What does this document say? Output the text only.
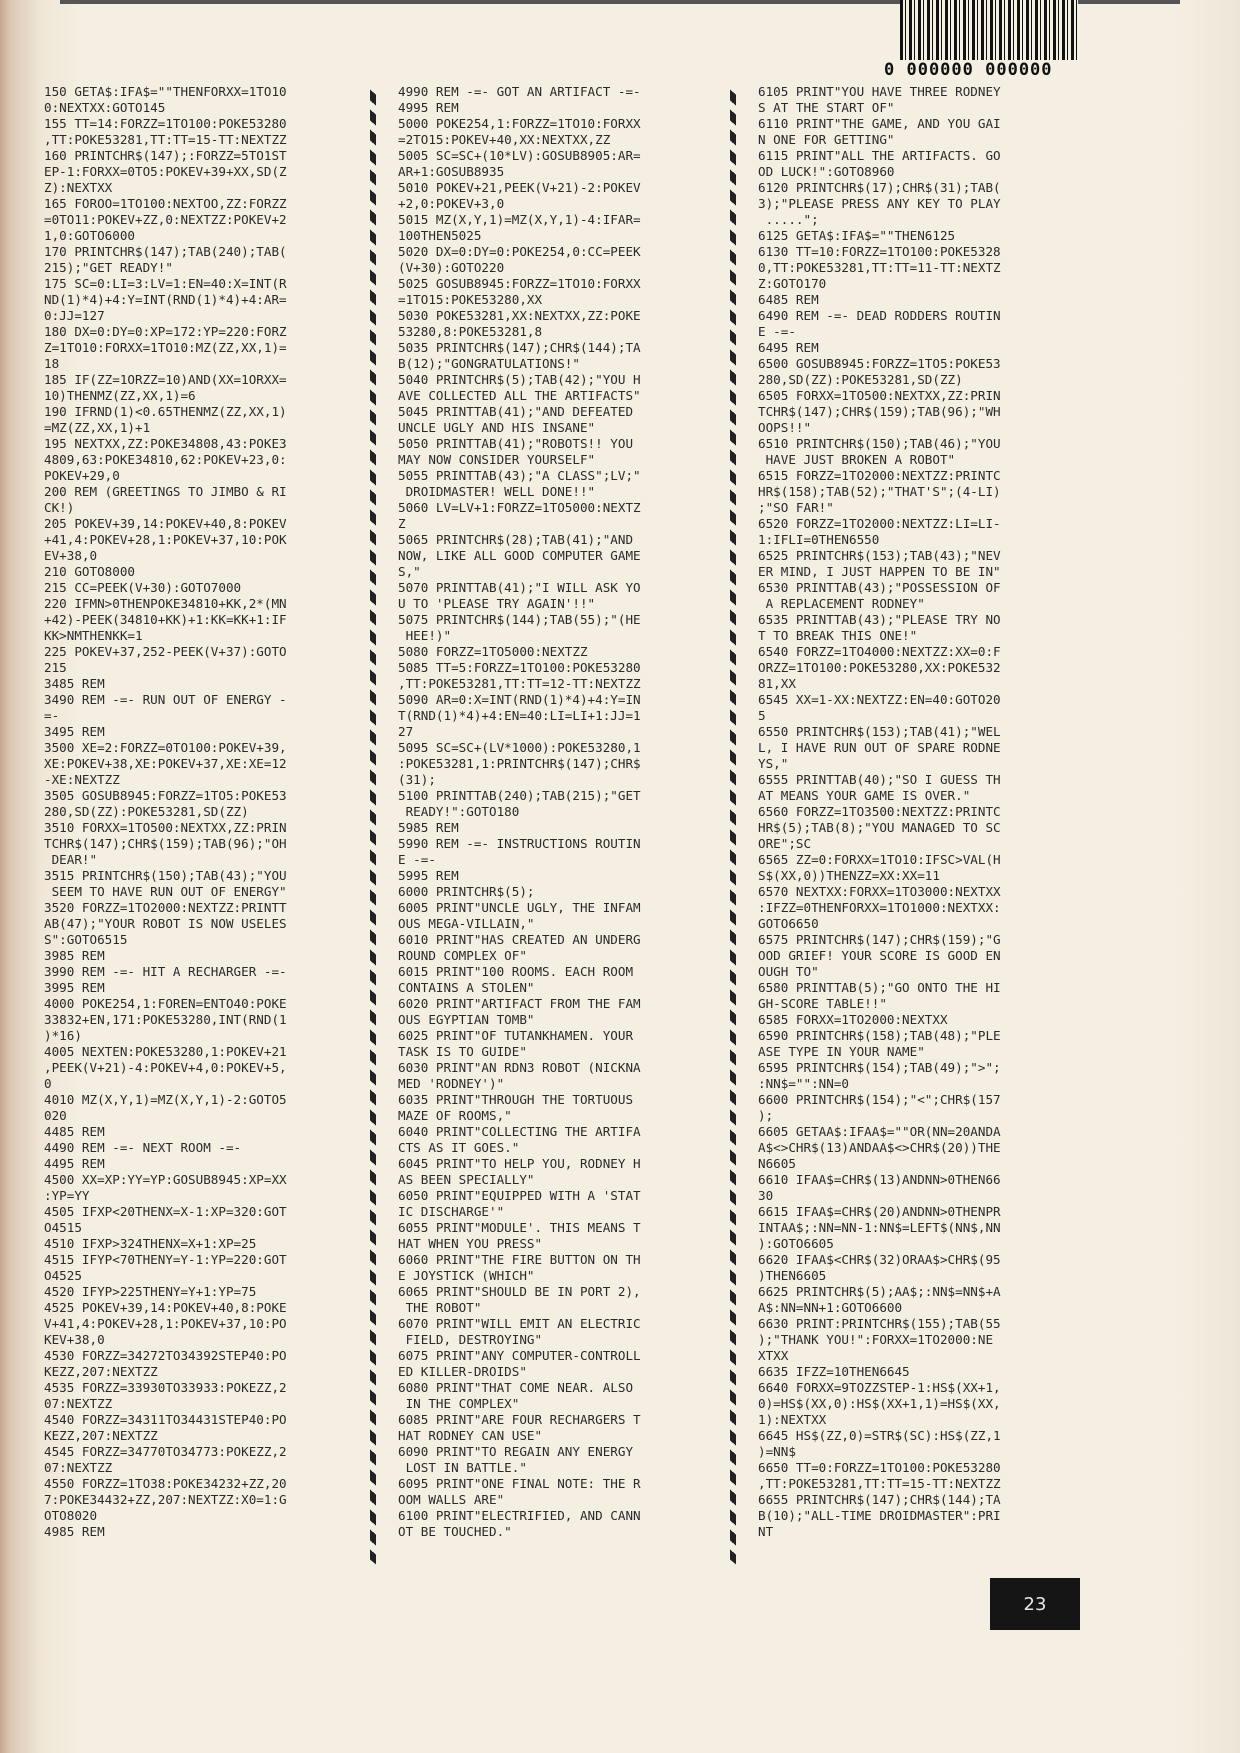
0 000000 000000
150 GETA$:IFA$=""THENFORXX=1TO10
0:NEXTXX:GOTO145
155 TT=14:FORZZ=1TO100:POKE53280
,TT:POKE53281,TT:TT=15-TT:NEXTZZ
160 PRINTCHR$(147);:FORZZ=5TO1ST
EP-1:FORXX=0TO5:POKEV+39+XX,SD(Z
Z):NEXTXX
165 FOROO=1TO100:NEXTOO,ZZ:FORZZ
=0TO11:POKEV+ZZ,0:NEXTZZ:POKEV+2
1,0:GOTO6000
170 PRINTCHR$(147);TAB(240);TAB(
215);"GET READY!"
175 SC=0:LI=3:LV=1:EN=40:X=INT(R
ND(1)*4)+4:Y=INT(RND(1)*4)+4:AR=
0:JJ=127
180 DX=0:DY=0:XP=172:YP=220:FORZ
Z=1TO10:FORXX=1TO10:MZ(ZZ,XX,1)=
18
185 IF(ZZ=1ORZZ=10)AND(XX=1ORXX=
10)THENMZ(ZZ,XX,1)=6
190 IFRND(1)<0.65THENMZ(ZZ,XX,1)
=MZ(ZZ,XX,1)+1
195 NEXTXX,ZZ:POKE34808,43:POKE3
4809,63:POKE34810,62:POKEV+23,0:
POKEV+29,0
200 REM (GREETINGS TO JIMBO & RI
CK!)
205 POKEV+39,14:POKEV+40,8:POKEV
+41,4:POKEV+28,1:POKEV+37,10:POK
EV+38,0
210 GOTO8000
215 CC=PEEK(V+30):GOTO7000
220 IFMN>0THENPOKE34810+KK,2*(MN
+42)-PEEK(34810+KK)+1:KK=KK+1:IF
KK>NMTHENKK=1
225 POKEV+37,252-PEEK(V+37):GOTO
215
3485 REM
3490 REM -=- RUN OUT OF ENERGY -
=-
3495 REM
3500 XE=2:FORZZ=0TO100:POKEV+39,
XE:POKEV+38,XE:POKEV+37,XE:XE=12
-XE:NEXTZZ
3505 GOSUB8945:FORZZ=1TO5:POKE53
280,SD(ZZ):POKE53281,SD(ZZ)
3510 FORXX=1TO500:NEXTXX,ZZ:PRIN
TCHR$(147);CHR$(159);TAB(96);"OH
DEAR!"
3515 PRINTCHR$(150);TAB(43);"YOU
SEEM TO HAVE RUN OUT OF ENERGY"
3520 FORZZ=1TO2000:NEXTZZ:PRINTT
AB(47);"YOUR ROBOT IS NOW USELES
S":GOTO6515
3985 REM
3990 REM -=- HIT A RECHARGER -=-
3995 REM
4000 POKE254,1:FOREN=ENTO40:POKE
33832+EN,171:POKE53280,INT(RND(1
)*16)
4005 NEXTEN:POKE53280,1:POKEV+21
,PEEK(V+21)-4:POKEV+4,0:POKEV+5,
0
4010 MZ(X,Y,1)=MZ(X,Y,1)-2:GOTO5
020
4485 REM
4490 REM -=- NEXT ROOM -=-
4495 REM
4500 XX=XP:YY=YP:GOSUB8945:XP=XX
:YP=YY
4505 IFXP<20THENX=X-1:XP=320:GOT
O4515
4510 IFXP>324THENX=X+1:XP=25
4515 IFYP<70THENY=Y-1:YP=220:GOT
O4525
4520 IFYP>225THENY=Y+1:YP=75
4525 POKEV+39,14:POKEV+40,8:POKE
V+41,4:POKEV+28,1:POKEV+37,10:PO
KEV+38,0
4530 FORZZ=34272TO34392STEP40:PO
KEZZ,207:NEXTZZ
4535 FORZZ=33930TO33933:POKEZZ,2
07:NEXTZZ
4540 FORZZ=34311TO34431STEP40:PO
KEZZ,207:NEXTZZ
4545 FORZZ=34770TO34773:POKEZZ,2
07:NEXTZZ
4550 FORZZ=1TO38:POKE34232+ZZ,20
7:POKE34432+ZZ,207:NEXTZZ:X0=1:G
OTO8020
4985 REM
4990 REM -=- GOT AN ARTIFACT -=-
4995 REM
5000 POKE254,1:FORZZ=1TO10:FORXX
=2TO15:POKEV+40,XX:NEXTXX,ZZ
5005 SC=SC+(10*LV):GOSUB8905:AR=
AR+1:GOSUB8935
5010 POKEV+21,PEEK(V+21)-2:POKEV
+2,0:POKEV+3,0
5015 MZ(X,Y,1)=MZ(X,Y,1)-4:IFAR=
100THEN5025
5020 DX=0:DY=0:POKE254,0:CC=PEEK
(V+30):GOTO220
5025 GOSUB8945:FORZZ=1TO10:FORXX
=1TO15:POKE53280,XX
5030 POKE53281,XX:NEXTXX,ZZ:POKE
53280,8:POKE53281,8
5035 PRINTCHR$(147);CHR$(144);TA
B(12);"GONGRATULATIONS!"
5040 PRINTCHR$(5);TAB(42);"YOU H
AVE COLLECTED ALL THE ARTIFACTS"
5045 PRINTTAB(41);"AND DEFEATED
UNCLE UGLY AND HIS INSANE"
5050 PRINTTAB(41);"ROBOTS!! YOU
MAY NOW CONSIDER YOURSELF"
5055 PRINTTAB(43);"A CLASS";LV;"
DROIDMASTER! WELL DONE!!"
5060 LV=LV+1:FORZZ=1TO5000:NEXTZ
Z
5065 PRINTCHR$(28);TAB(41);"AND
NOW, LIKE ALL GOOD COMPUTER GAME
S,"
5070 PRINTTAB(41);"I WILL ASK YO
U TO 'PLEASE TRY AGAIN'!!"
5075 PRINTCHR$(144);TAB(55);"(HE
HEE!)"
5080 FORZZ=1TO5000:NEXTZZ
5085 TT=5:FORZZ=1TO100:POKE53280
,TT:POKE53281,TT:TT=12-TT:NEXTZZ
5090 AR=0:X=INT(RND(1)*4)+4:Y=IN
T(RND(1)*4)+4:EN=40:LI=LI+1:JJ=1
27
5095 SC=SC+(LV*1000):POKE53280,1
:POKE53281,1:PRINTCHR$(147);CHR$
(31);
5100 PRINTTAB(240);TAB(215);"GET
READY!":GOTO180
5985 REM
5990 REM -=- INSTRUCTIONS ROUTIN
E -=-
5995 REM
6000 PRINTCHR$(5);
6005 PRINT"UNCLE UGLY, THE INFAM
OUS MEGA-VILLAIN,"
6010 PRINT"HAS CREATED AN UNDERG
ROUND COMPLEX OF"
6015 PRINT"100 ROOMS. EACH ROOM
CONTAINS A STOLEN"
6020 PRINT"ARTIFACT FROM THE FAM
OUS EGYPTIAN TOMB"
6025 PRINT"OF TUTANKHAMEN. YOUR
TASK IS TO GUIDE"
6030 PRINT"AN RDN3 ROBOT (NICKNA
MED 'RODNEY')"
6035 PRINT"THROUGH THE TORTUOUS
MAZE OF ROOMS,"
6040 PRINT"COLLECTING THE ARTIFA
CTS AS IT GOES."
6045 PRINT"TO HELP YOU, RODNEY H
AS BEEN SPECIALLY"
6050 PRINT"EQUIPPED WITH A 'STAT
IC DISCHARGE'"
6055 PRINT"MODULE'. THIS MEANS T
HAT WHEN YOU PRESS"
6060 PRINT"THE FIRE BUTTON ON TH
E JOYSTICK (WHICH"
6065 PRINT"SHOULD BE IN PORT 2),
THE ROBOT"
6070 PRINT"WILL EMIT AN ELECTRIC
FIELD, DESTROYING"
6075 PRINT"ANY COMPUTER-CONTROLL
ED KILLER-DROIDS"
6080 PRINT"THAT COME NEAR. ALSO
IN THE COMPLEX"
6085 PRINT"ARE FOUR RECHARGERS T
HAT RODNEY CAN USE"
6090 PRINT"TO REGAIN ANY ENERGY
LOST IN BATTLE."
6095 PRINT"ONE FINAL NOTE: THE R
OOM WALLS ARE"
6100 PRINT"ELECTRIFIED, AND CANN
OT BE TOUCHED."
6105 PRINT"YOU HAVE THREE RODNEY
S AT THE START OF"
6110 PRINT"THE GAME, AND YOU GAI
N ONE FOR GETTING"
6115 PRINT"ALL THE ARTIFACTS. GO
OD LUCK!":GOTO8960
6120 PRINTCHR$(17);CHR$(31);TAB(
3);"PLEASE PRESS ANY KEY TO PLAY
.....";
6125 GETA$:IFA$=""THEN6125
6130 TT=10:FORZZ=1TO100:POKE5328
0,TT:POKE53281,TT:TT=11-TT:NEXTZ
Z:GOTO170
6485 REM
6490 REM -=- DEAD RODDERS ROUTIN
E -=-
6495 REM
6500 GOSUB8945:FORZZ=1TO5:POKE53
280,SD(ZZ):POKE53281,SD(ZZ)
6505 FORXX=1TO500:NEXTXX,ZZ:PRIN
TCHR$(147);CHR$(159);TAB(96);"WH
OOPS!!"
6510 PRINTCHR$(150);TAB(46);"YOU
HAVE JUST BROKEN A ROBOT"
6515 FORZZ=1TO2000:NEXTZZ:PRINTC
HR$(158);TAB(52);"THAT'S";(4-LI)
;"SO FAR!"
6520 FORZZ=1TO2000:NEXTZZ:LI=LI-
1:IFLI=0THEN6550
6525 PRINTCHR$(153);TAB(43);"NEV
ER MIND, I JUST HAPPEN TO BE IN"
6530 PRINTTAB(43);"POSSESSION OF
A REPLACEMENT RODNEY"
6535 PRINTTAB(43);"PLEASE TRY NO
T TO BREAK THIS ONE!"
6540 FORZZ=1TO4000:NEXTZZ:XX=0:F
ORZZ=1TO100:POKE53280,XX:POKE532
81,XX
6545 XX=1-XX:NEXTZZ:EN=40:GOTO20
5
6550 PRINTCHR$(153);TAB(41);"WEL
L, I HAVE RUN OUT OF SPARE RODNE
YS,"
6555 PRINTTAB(40);"SO I GUESS TH
AT MEANS YOUR GAME IS OVER."
6560 FORZZ=1TO3500:NEXTZZ:PRINTC
HR$(5);TAB(8);"YOU MANAGED TO SC
ORE";SC
6565 ZZ=0:FORXX=1TO10:IFSC>VAL(H
S$(XX,0))THENZZ=XX:XX=11
6570 NEXTXX:FORXX=1TO3000:NEXTXX
:IFZZ=0THENFORXX=1TO1000:NEXTXX:
GOTO6650
6575 PRINTCHR$(147);CHR$(159);"G
OOD GRIEF! YOUR SCORE IS GOOD EN
OUGH TO"
6580 PRINTTAB(5);"GO ONTO THE HI
GH-SCORE TABLE!!"
6585 FORXX=1TO2000:NEXTXX
6590 PRINTCHR$(158);TAB(48);"PLE
ASE TYPE IN YOUR NAME"
6595 PRINTCHR$(154);TAB(49);">";
:NN$="":NN=0
6600 PRINTCHR$(154);"<";CHR$(157
);
6605 GETAA$:IFAA$=""OR(NN=20ANDA
A$<>CHR$(13)ANDAA$<>CHR$(20))THE
N6605
6610 IFAA$=CHR$(13)ANDNN>0THEN66
30
6615 IFAA$=CHR$(20)ANDNN>0THENPR
INTAA$;:NN=NN-1:NN$=LEFT$(NN$,NN
):GOTO6605
6620 IFAA$<CHR$(32)ORAA$>CHR$(95
)THEN6605
6625 PRINTCHR$(5);AA$;:NN$=NN$+A
A$:NN=NN+1:GOTO6600
6630 PRINT:PRINTCHR$(155);TAB(55
);"THANK YOU!":FORXX=1TO2000:NE
XTXX
6635 IFZZ=10THEN6645
6640 FORXX=9TOZZSTEP-1:HS$(XX+1,
0)=HS$(XX,0):HS$(XX+1,1)=HS$(XX,
1):NEXTXX
6645 HS$(ZZ,0)=STR$(SC):HS$(ZZ,1
)=NN$
6650 TT=0:FORZZ=1TO100:POKE53280
,TT:POKE53281,TT:TT=15-TT:NEXTZZ
6655 PRINTCHR$(147);CHR$(144);TA
B(10);"ALL-TIME DROIDMASTER":PRI
NT
23
